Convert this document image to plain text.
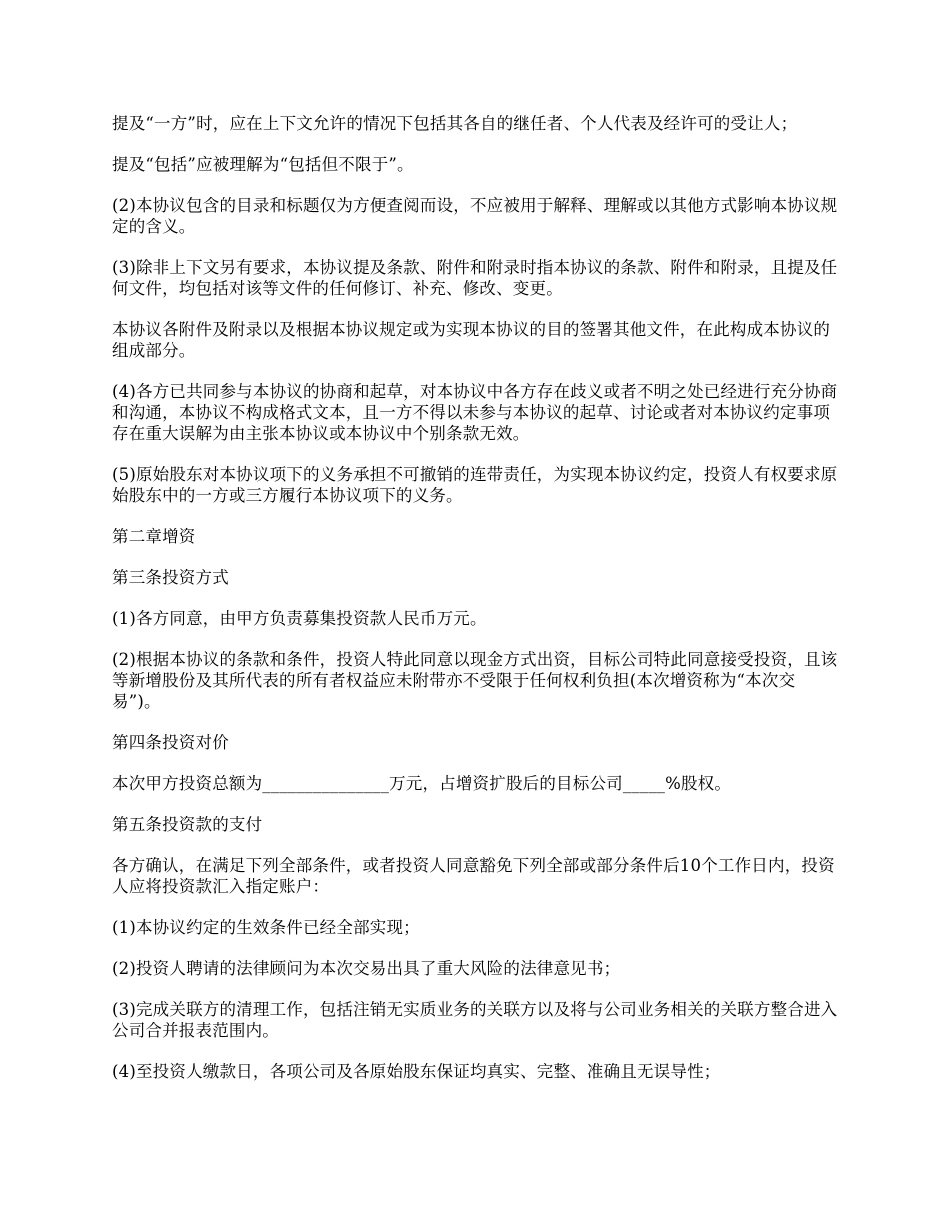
提及“一方”时，应在上下文允许的情况下包括其各自的继任者、个人代表及经许可的受让人；

提及“包括”应被理解为“包括但不限于”。

(2)本协议包含的目录和标题仅为方便查阅而设，不应被用于解释、理解或以其他方式影响本协议规定的含义。

(3)除非上下文另有要求，本协议提及条款、附件和附录时指本协议的条款、附件和附录，且提及任何文件，均包括对该等文件的任何修订、补充、修改、变更。

本协议各附件及附录以及根据本协议规定或为实现本协议的目的签署其他文件，在此构成本协议的组成部分。

(4)各方已共同参与本协议的协商和起草，对本协议中各方存在歧义或者不明之处已经进行充分协商和沟通，本协议不构成格式文本，且一方不得以未参与本协议的起草、讨论或者对本协议约定事项存在重大误解为由主张本协议或本协议中个别条款无效。

(5)原始股东对本协议项下的义务承担不可撤销的连带责任，为实现本协议约定，投资人有权要求原始股东中的一方或三方履行本协议项下的义务。

第二章增资

第三条投资方式

(1)各方同意，由甲方负责募集投资款人民币万元。

(2)根据本协议的条款和条件，投资人特此同意以现金方式出资，目标公司特此同意接受投资，且该等新增股份及其所代表的所有者权益应未附带亦不受限于任何权利负担(本次增资称为“本次交易”)。

第四条投资对价

本次甲方投资总额为_______________万元，占增资扩股后的目标公司_____%股权。

第五条投资款的支付

各方确认，在满足下列全部条件，或者投资人同意豁免下列全部或部分条件后10个工作日内，投资人应将投资款汇入指定账户：

(1)本协议约定的生效条件已经全部实现；

(2)投资人聘请的法律顾问为本次交易出具了重大风险的法律意见书；

(3)完成关联方的清理工作，包括注销无实质业务的关联方以及将与公司业务相关的关联方整合进入公司合并报表范围内。

(4)至投资人缴款日，各项公司及各原始股东保证均真实、完整、准确且无误导性；
